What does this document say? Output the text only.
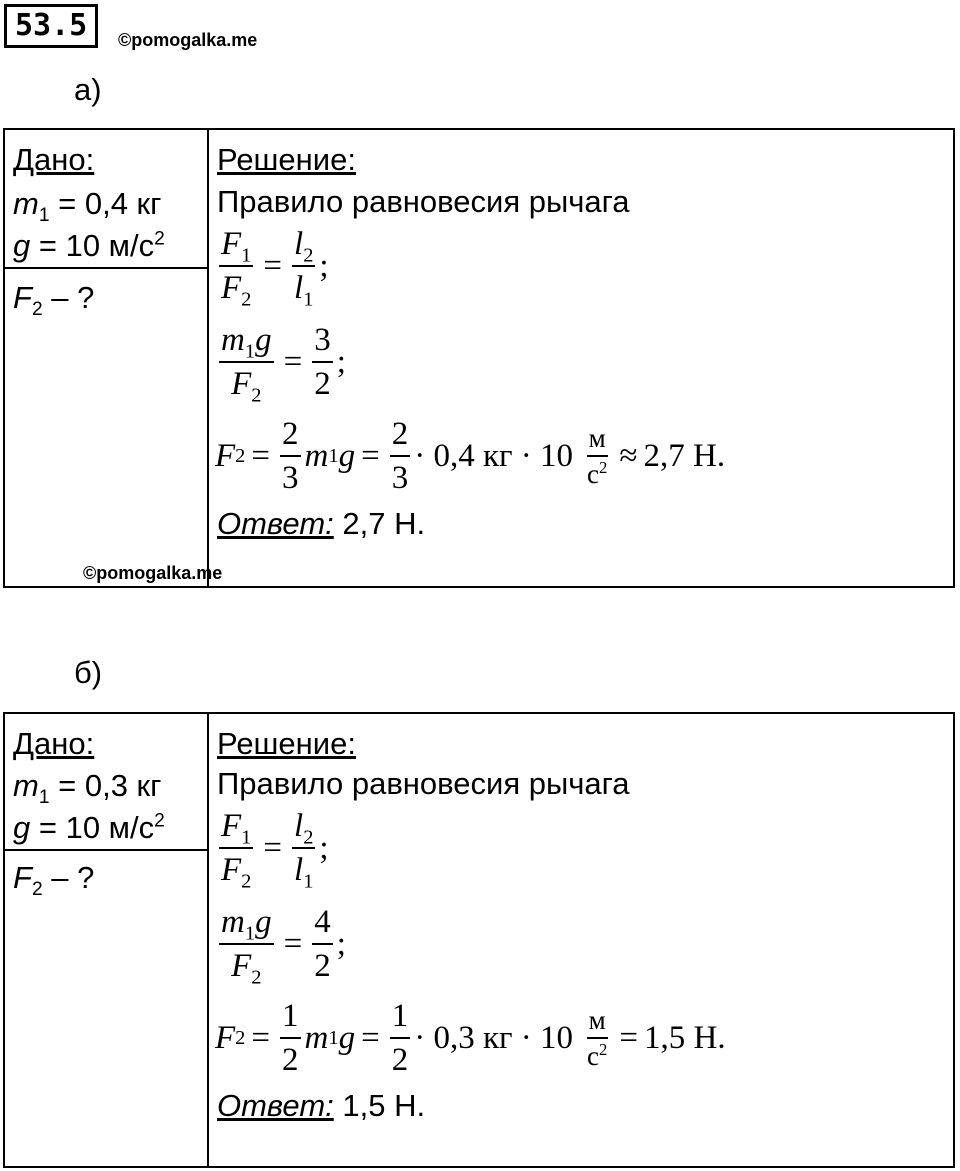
53.5	©pomogalka.me
а)
Дано:
$m_1 = 0,4$ кг
g = 10 $м/с^2$
$F_2$ – ?
©pomogalka.me
Решение:
Правило равновесия рычага
$\frac{F_1}{F_2} = \frac{l_2}{l_1}$ ;
$\frac{m_1g}{F_2} = \frac{3}{2}$ ;
F $2 = \frac{2}{3}$ m 1 $g = \frac{2}{3} \cdot 0,4$ кг · $10 \frac{м}{с^2} \approx 2,7$ Н.
Ответ: 2,7 Н.
б)
Дано:
$m_1 = 0,3$ кг
g = 10 $м/с^2$
$F_2$ – ?
Решение:
Правило равновесия рычага
$\frac{F_1}{F_2} = \frac{l_2}{l_1}$ ;
$\frac{m_1g}{F_2} = \frac{4}{2}$ ;
F $2 = \frac{1}{2}$ m 1 $g = \frac{1}{2} \cdot 0,3$ кг · $10 \frac{м}{с^2} = 1,5$ Н.
Ответ: 1,5 Н.
